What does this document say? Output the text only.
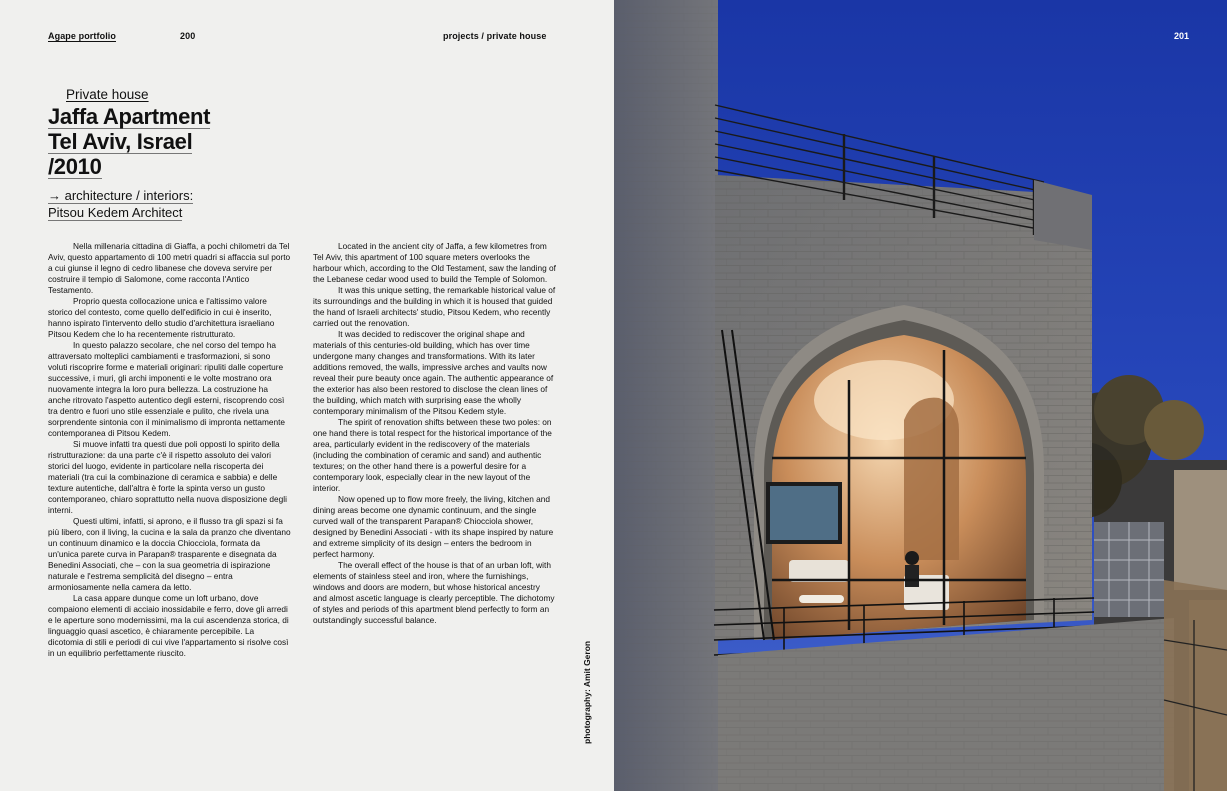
Agape portfolio	200	projects / private house
Private house
Jaffa Apartment
Tel Aviv, Israel
/2010
→ architecture / interiors:
Pitsou Kedem Architect

Nella millenaria cittadina di Giaffa, a pochi chilometri da Tel Aviv, questo appartamento di 100 metri quadri si affaccia sul porto a cui giunse il legno di cedro libanese che doveva servire per costruire il tempio di Salomone, come racconta l'Antico Testamento.

Proprio questa collocazione unica e l'altissimo valore storico del contesto, come quello dell'edificio in cui è inserito, hanno ispirato l'intervento dello studio d'architettura israeliano Pitsou Kedem che lo ha recentemente ristrutturato.

In questo palazzo secolare, che nel corso del tempo ha attraversato molteplici cambiamenti e trasformazioni, si sono voluti riscoprire forme e materiali originari: ripuliti dalle coperture successive, i muri, gli archi imponenti e le volte mostrano ora nuovamente integra la loro pura bellezza. La costruzione ha anche ritrovato l'aspetto autentico degli esterni, riscoprendo così tra dentro e fuori uno stile essenziale e pulito, che rivela una sorprendente sintonia con il minimalismo di impronta nettamente contemporanea di Pitsou Kedem.

Si muove infatti tra questi due poli opposti lo spirito della ristrutturazione: da una parte c'è il rispetto assoluto dei valori storici del luogo, evidente in particolare nella riscoperta dei materiali (tra cui la combinazione di ceramica e sabbia) e delle texture autentiche, dall'altra è forte la spinta verso un gusto contemporaneo, chiaro soprattutto nella nuova disposizione degli interni.

Questi ultimi, infatti, si aprono, e il flusso tra gli spazi si fa più libero, con il living, la cucina e la sala da pranzo che diventano un continuum dinamico e la doccia Chiocciola, formata da un'unica parete curva in Parapan® trasparente e disegnata da Benedini Associati, che – con la sua geometria di ispirazione naturale e l'estrema semplicità del disegno – entra armoniosamente nella camera da letto.

La casa appare dunque come un loft urbano, dove compaiono elementi di acciaio inossidabile e ferro, dove gli arredi e le aperture sono modernissimi, ma la cui ascendenza storica, di linguaggio quasi ascetico, è chiaramente percepibile. La dicotomia di stili e periodi di cui vive l'appartamento si risolve così in un equilibrio perfettamente riuscito.

Located in the ancient city of Jaffa, a few kilometres from Tel Aviv, this apartment of 100 square meters overlooks the harbour which, according to the Old Testament, saw the landing of the Lebanese cedar wood used to build the Temple of Solomon.

It was this unique setting, the remarkable historical value of its surroundings and the building in which it is housed that guided the hand of Israeli architects' studio, Pitsou Kedem, who recently carried out the renovation.

It was decided to rediscover the original shape and materials of this centuries-old building, which has over time undergone many changes and transformations. With its later additions removed, the walls, impressive arches and vaults now reveal their pure beauty once again. The authentic appearance of the exterior has also been restored to disclose the clean lines of the building, which match with surprising ease the wholly contemporary minimalism of the Pitsou Kedem style.

The spirit of renovation shifts between these two poles: on one hand there is total respect for the historical importance of the area, particularly evident in the rediscovery of the materials (including the combination of ceramic and sand) and authentic textures; on the other hand there is a powerful desire for a contemporary look, especially clear in the new layout of the interior.

Now opened up to flow more freely, the living, kitchen and dining areas become one dynamic continuum, and the single curved wall of the transparent Parapan® Chiocciola shower, designed by Benedini Associati - with its shape inspired by nature and extreme simplicity of its design – enters the bedroom in perfect harmony.

The overall effect of the house is that of an urban loft, with elements of stainless steel and iron, where the furnishings, windows and doors are modern, but whose historical ancestry and almost ascetic language is clearly perceptible. The dichotomy of styles and periods of this apartment blend perfectly to form an outstandingly successful balance.

photography: Amit Geron
201
